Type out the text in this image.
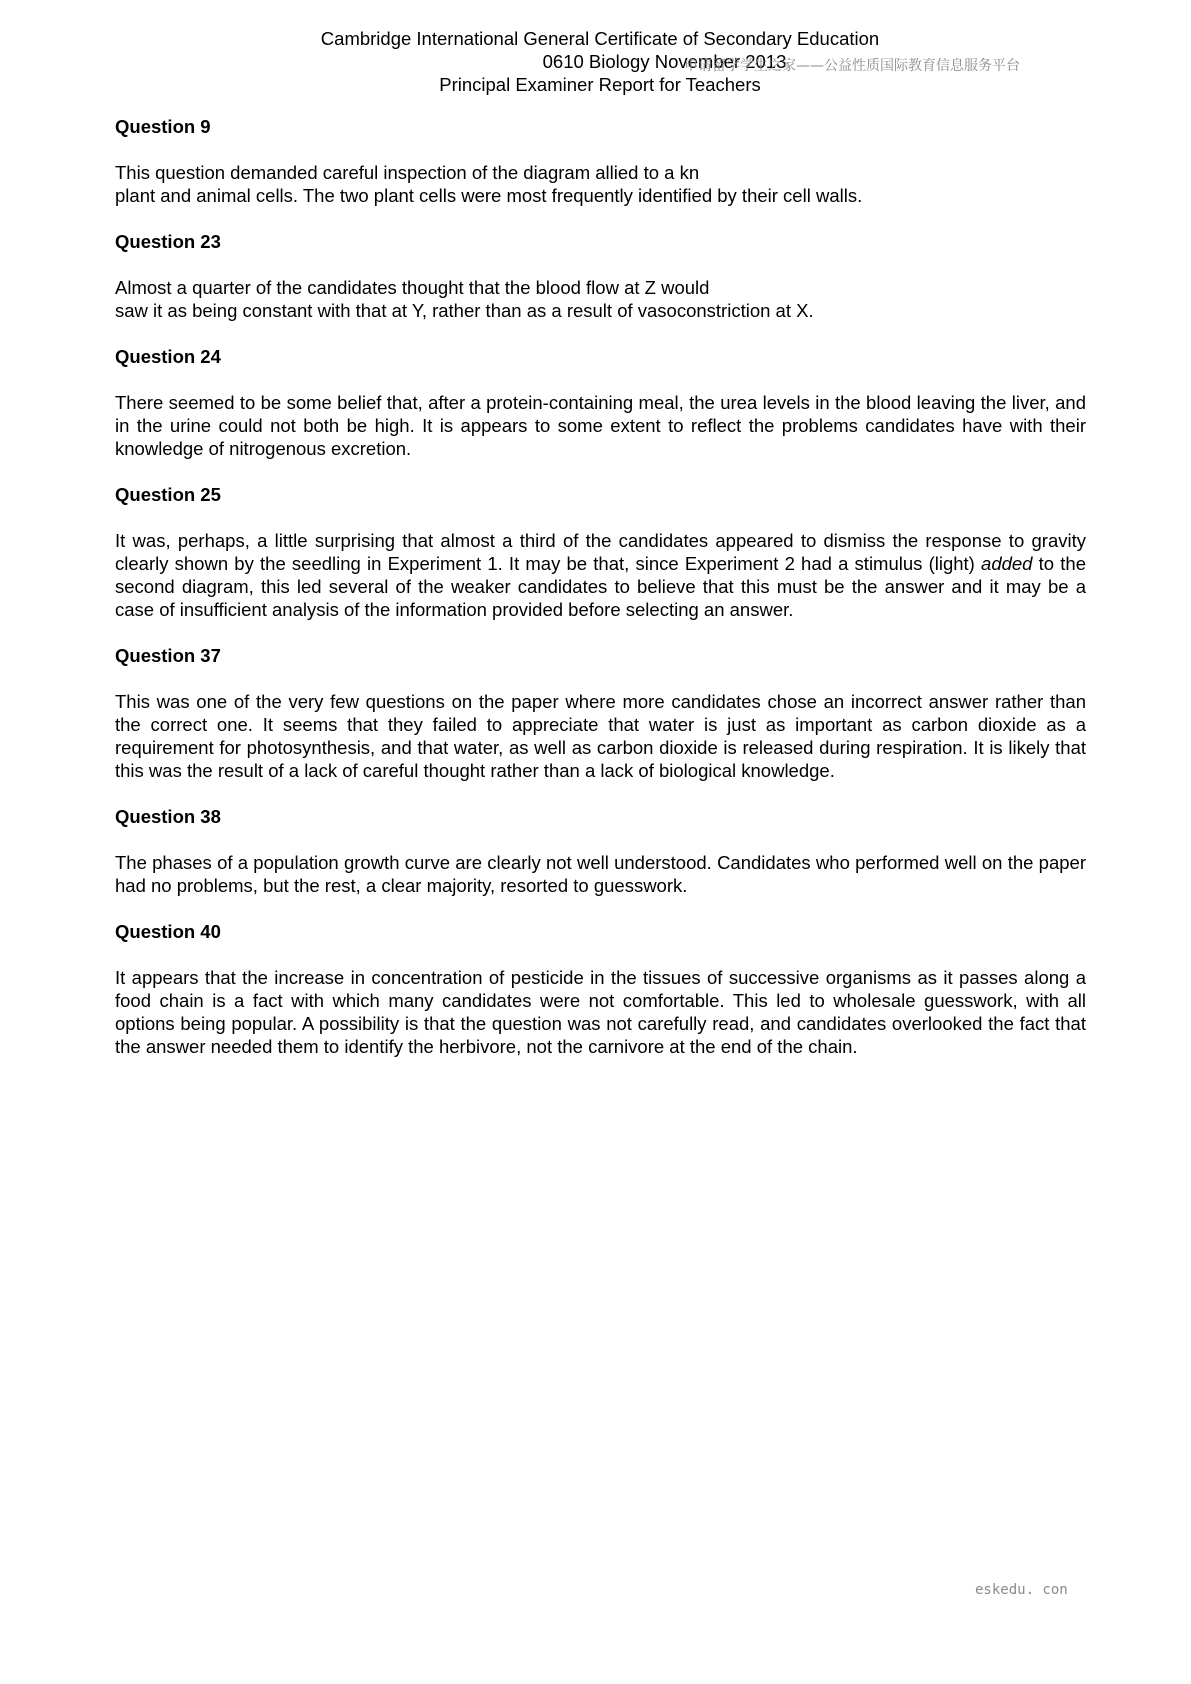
Cambridge International General Certificate of Secondary Education
0610 Biology November 2013
Principal Examiner Report for Teachers
申请留学学生之家——公益性质国际教育信息服务平台
Question 9

This question demanded careful inspection of the diagram allied to a kn
plant and animal cells. The two plant cells were most frequently identified by their cell walls.

Question 23

Almost a quarter of the candidates thought that the blood flow at Z would
saw it as being constant with that at Y, rather than as a result of vasoconstriction at X.

Question 24

There seemed to be some belief that, after a protein-containing meal, the urea levels in the blood leaving the liver, and in the urine could not both be high. It is appears to some extent to reflect the problems candidates have with their knowledge of nitrogenous excretion.

Question 25

It was, perhaps, a little surprising that almost a third of the candidates appeared to dismiss the response to gravity clearly shown by the seedling in Experiment 1. It may be that, since Experiment 2 had a stimulus (light) added to the second diagram, this led several of the weaker candidates to believe that this must be the answer and it may be a case of insufficient analysis of the information provided before selecting an answer.

Question 37

This was one of the very few questions on the paper where more candidates chose an incorrect answer rather than the correct one. It seems that they failed to appreciate that water is just as important as carbon dioxide as a requirement for photosynthesis, and that water, as well as carbon dioxide is released during respiration. It is likely that this was the result of a lack of careful thought rather than a lack of biological knowledge.

Question 38

The phases of a population growth curve are clearly not well understood. Candidates who performed well on the paper had no problems, but the rest, a clear majority, resorted to guesswork.

Question 40

It appears that the increase in concentration of pesticide in the tissues of successive organisms as it passes along a food chain is a fact with which many candidates were not comfortable. This led to wholesale guesswork, with all options being popular. A possibility is that the question was not carefully read, and candidates overlooked the fact that the answer needed them to identify the herbivore, not the carnivore at the end of the chain.

eskedu. con
